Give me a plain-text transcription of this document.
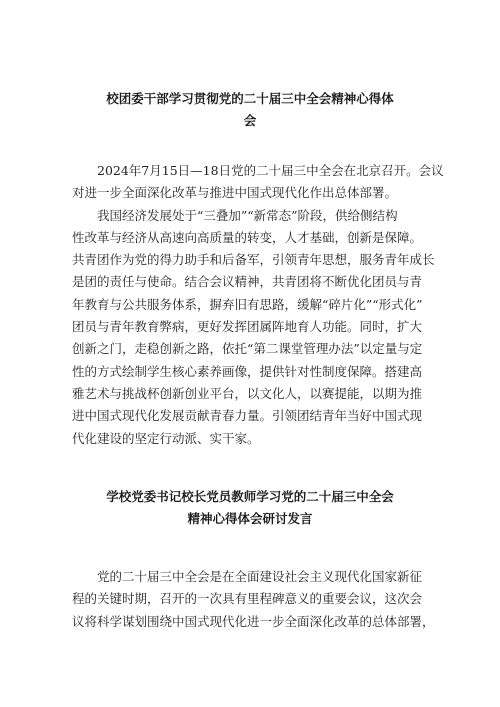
校团委干部学习贯彻党的二十届三中全会精神心得体
会
2024年7月15日—18日党的二十届三中全会在北京召开。会议
对进一步全面深化改革与推进中国式现代化作出总体部署。
我国经济发展处于“三叠加”“新常态”阶段，供给侧结构
性改革与经济从高速向高质量的转变，人才基础，创新是保障。
共青团作为党的得力助手和后备军，引领青年思想，服务青年成长
是团的责任与使命。结合会议精神，共青团将不断优化团员与青
年教育与公共服务体系，摒弃旧有思路，缓解“碎片化”“形式化”
团员与青年教育弊病，更好发挥团属阵地育人功能。同时，扩大
创新之门，走稳创新之路，依托“第二课堂管理办法”以定量与定
性的方式绘制学生核心素养画像，提供针对性制度保障。搭建高
雅艺术与挑战杯创新创业平台，以文化人，以赛提能，以期为推
进中国式现代化发展贡献青春力量。引领团结青年当好中国式现
代化建设的坚定行动派、实干家。
学校党委书记校长党员教师学习党的二十届三中全会
精神心得体会研讨发言
党的二十届三中全会是在全面建设社会主义现代化国家新征
程的关键时期，召开的一次具有里程碑意义的重要会议，这次会
议将科学谋划围绕中国式现代化进一步全面深化改革的总体部署，
